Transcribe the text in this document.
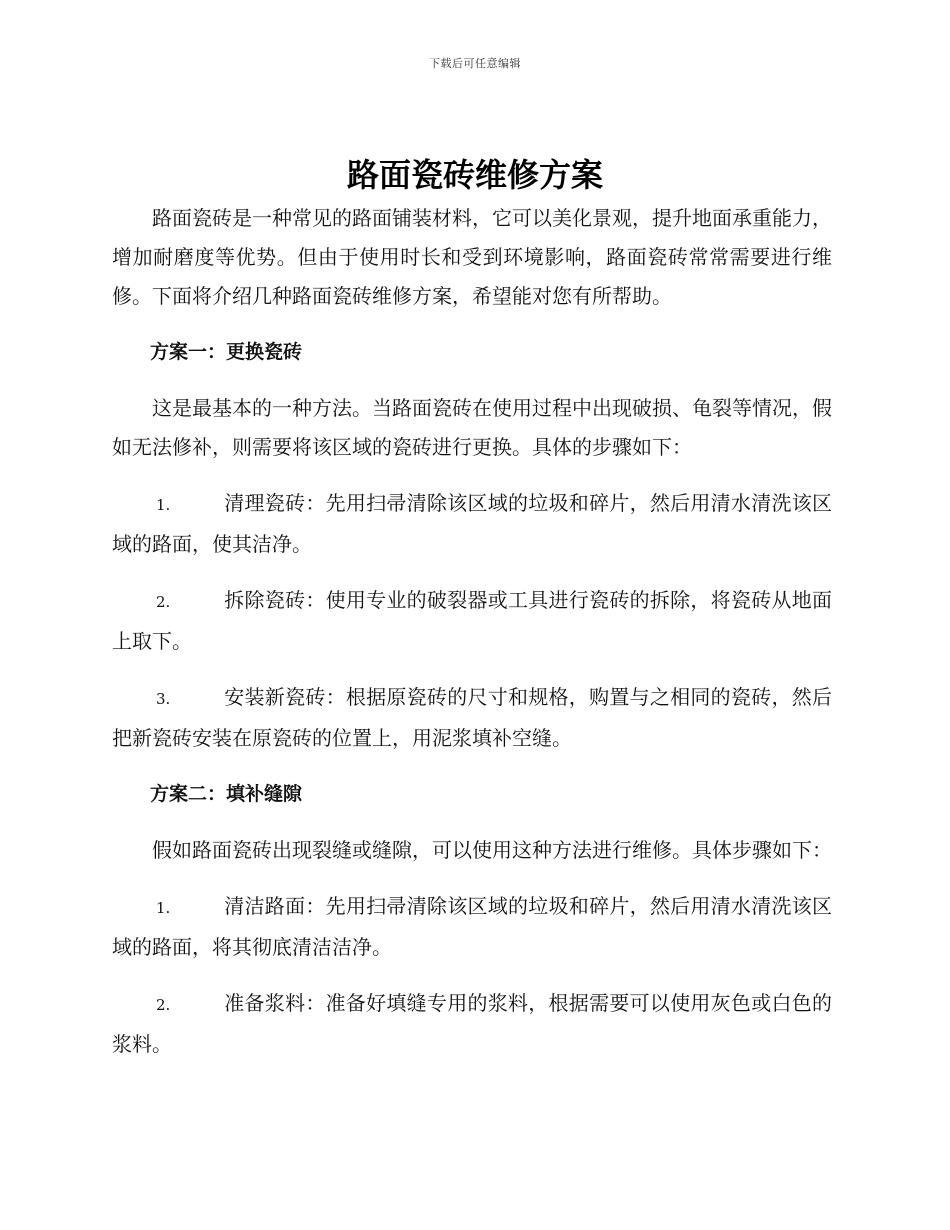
下载后可任意编辑
路面瓷砖维修方案

路面瓷砖是一种常见的路面铺装材料，它可以美化景观，提升地面承重能力，增加耐磨度等优势。但由于使用时长和受到环境影响，路面瓷砖常常需要进行维修。下面将介绍几种路面瓷砖维修方案，希望能对您有所帮助。

方案一：更换瓷砖

这是最基本的一种方法。当路面瓷砖在使用过程中出现破损、龟裂等情况，假如无法修补，则需要将该区域的瓷砖进行更换。具体的步骤如下：

1.	清理瓷砖：先用扫帚清除该区域的垃圾和碎片，然后用清水清洗该区域的路面，使其洁净。

2.	拆除瓷砖：使用专业的破裂器或工具进行瓷砖的拆除，将瓷砖从地面上取下。

3.	安装新瓷砖：根据原瓷砖的尺寸和规格，购置与之相同的瓷砖，然后把新瓷砖安装在原瓷砖的位置上，用泥浆填补空缝。

方案二：填补缝隙

假如路面瓷砖出现裂缝或缝隙，可以使用这种方法进行维修。具体步骤如下：

1.	清洁路面：先用扫帚清除该区域的垃圾和碎片，然后用清水清洗该区域的路面，将其彻底清洁洁净。

2.	准备浆料：准备好填缝专用的浆料，根据需要可以使用灰色或白色的浆料。
